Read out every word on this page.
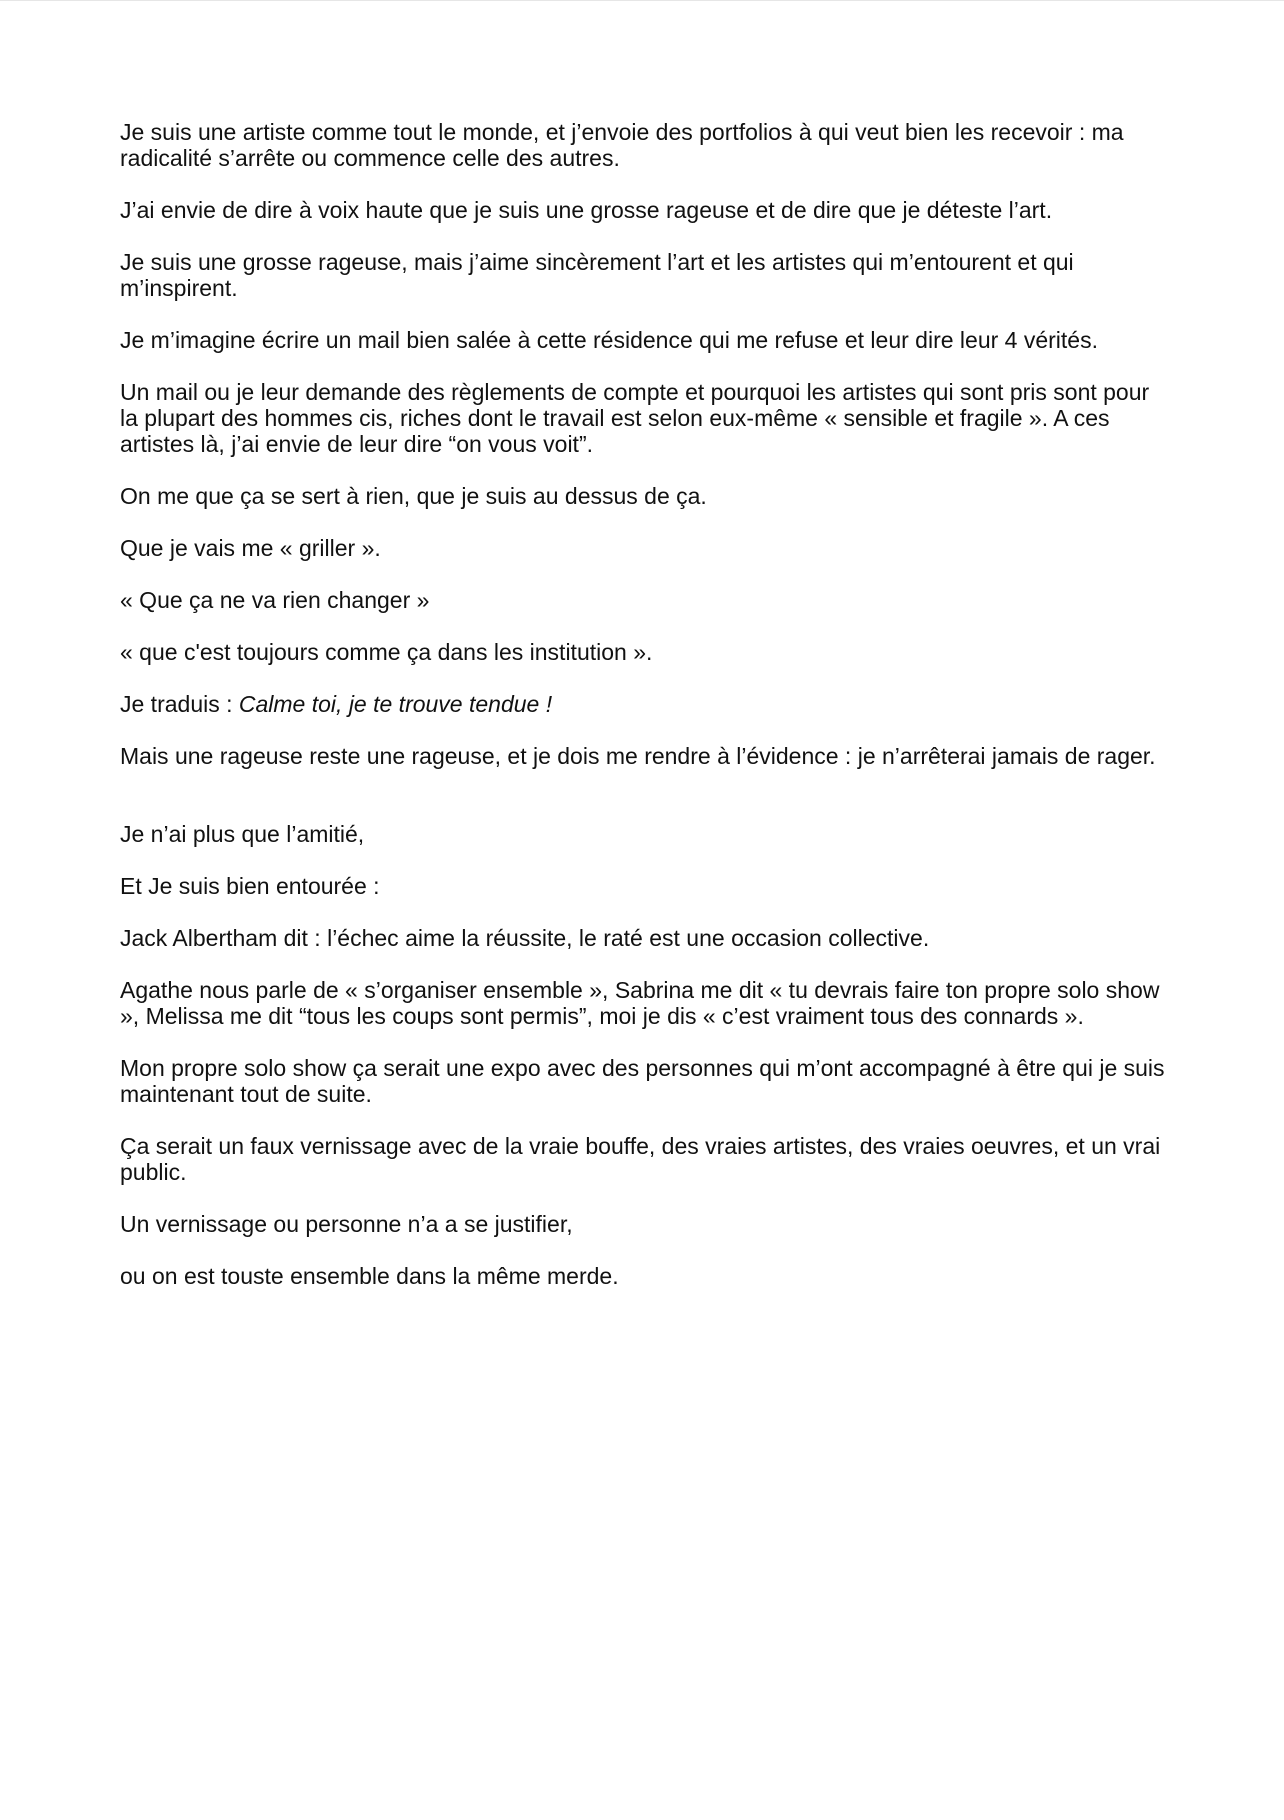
Je suis une artiste comme tout le monde, et j’envoie des portfolios à qui veut bien les recevoir : ma radicalité s’arrête ou commence celle des autres.

J’ai envie de dire à voix haute que je suis une grosse rageuse et de dire que je déteste l’art.

Je suis une grosse rageuse, mais j’aime sincèrement l’art et les artistes qui m’entourent et qui m’inspirent.

Je m’imagine écrire un mail bien salée à cette résidence qui me refuse et leur dire leur 4 vérités.

Un mail ou je leur demande des règlements de compte et pourquoi les artistes qui sont pris sont pour la plupart des hommes cis, riches dont le travail est selon eux-même « sensible et fragile ». A ces artistes là, j’ai envie de leur dire “on vous voit”.

On me que ça se sert à rien, que je suis au dessus de ça.

Que je vais me « griller ».

« Que ça ne va rien changer »

« que c'est toujours comme ça dans les institution ».

Je traduis : Calme toi, je te trouve tendue !

Mais une rageuse reste une rageuse, et je dois me rendre à l’évidence : je n’arrêterai jamais de rager.

Je n’ai plus que l’amitié,

Et Je suis bien entourée :

Jack Albertham dit : l’échec aime la réussite, le raté est une occasion collective.

Agathe nous parle de « s’organiser ensemble », Sabrina me dit « tu devrais faire ton propre solo show », Melissa me dit “tous les coups sont permis”, moi je dis « c’est vraiment tous des connards ».

Mon propre solo show ça serait une expo avec des personnes qui m’ont accompagné à être qui je suis maintenant tout de suite.

Ça serait un faux vernissage avec de la vraie bouffe, des vraies artistes, des vraies oeuvres, et un vrai public.

Un vernissage ou personne n’a a se justifier,

ou on est touste ensemble dans la même merde.
